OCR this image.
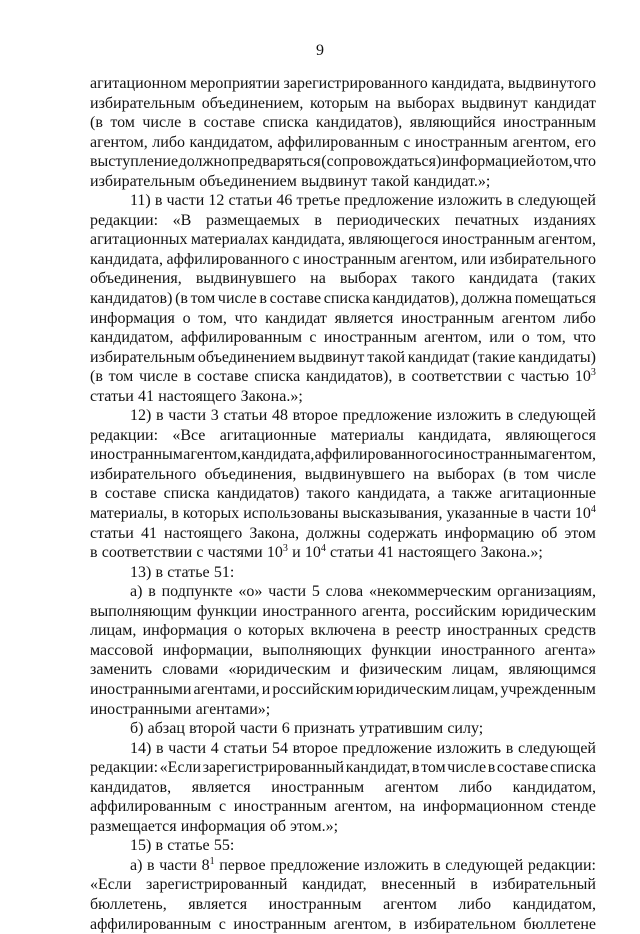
9
агитационном мероприятии зарегистрированного кандидата, выдвинутого
избирательным объединением, которым на выборах выдвинут кандидат
(в том числе в составе списка кандидатов), являющийся иностранным
агентом, либо кандидатом, аффилированным с иностранным агентом, его
выступление должно предваряться (сопровождаться) информацией о том, что
избирательным объединением выдвинут такой кандидат.»;
11) в части 12 статьи 46 третье предложение изложить в следующей
редакции: «В размещаемых в периодических печатных изданиях
агитационных материалах кандидата, являющегося иностранным агентом,
кандидата, аффилированного с иностранным агентом, или избирательного
объединения, выдвинувшего на выборах такого кандидата (таких
кандидатов) (в том числе в составе списка кандидатов), должна помещаться
информация о том, что кандидат является иностранным агентом либо
кандидатом, аффилированным с иностранным агентом, или о том, что
избирательным объединением выдвинут такой кандидат (такие кандидаты)
(в том числе в составе списка кандидатов), в соответствии с частью $10^3$
статьи 41 настоящего Закона.»;
12) в части 3 статьи 48 второе предложение изложить в следующей
редакции: «Все агитационные материалы кандидата, являющегося
иностранным агентом, кандидата, аффилированного с иностранным агентом,
избирательного объединения, выдвинувшего на выборах (в том числе
в составе списка кандидатов) такого кандидата, а также агитационные
материалы, в которых использованы высказывания, указанные в части $10^4$
статьи 41 настоящего Закона, должны содержать информацию об этом
в соответствии с частями $10^3$ и $10^4$ статьи 41 настоящего Закона.»;
13) в статье 51:
а) в подпункте «о» части 5 слова «некоммерческим организациям,
выполняющим функции иностранного агента, российским юридическим
лицам, информация о которых включена в реестр иностранных средств
массовой информации, выполняющих функции иностранного агента»
заменить словами «юридическим и физическим лицам, являющимся
иностранными агентами, и российским юридическим лицам, учрежденным
иностранными агентами»;
б) абзац второй части 6 признать утратившим силу;
14) в части 4 статьи 54 второе предложение изложить в следующей
редакции: «Если зарегистрированный кандидат, в том числе в составе списка
кандидатов, является иностранным агентом либо кандидатом,
аффилированным с иностранным агентом, на информационном стенде
размещается информация об этом.»;
15) в статье 55:
а) в части $8^1$ первое предложение изложить в следующей редакции:
«Если зарегистрированный кандидат, внесенный в избирательный
бюллетень, является иностранным агентом либо кандидатом,
аффилированным с иностранным агентом, в избирательном бюллетене
